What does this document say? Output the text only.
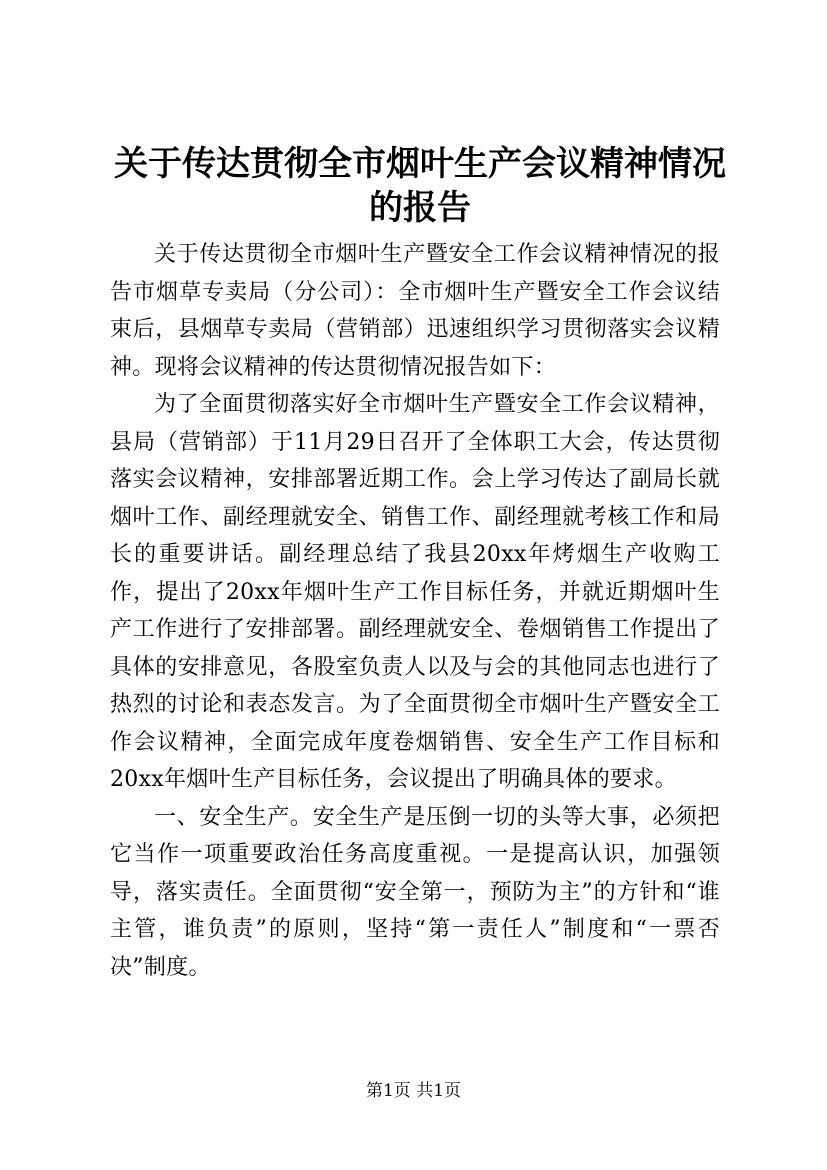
关于传达贯彻全市烟叶生产会议精神情况的报告

关于传达贯彻全市烟叶生产暨安全工作会议精神情况的报告市烟草专卖局（分公司）：全市烟叶生产暨安全工作会议结束后，县烟草专卖局（营销部）迅速组织学习贯彻落实会议精神。现将会议精神的传达贯彻情况报告如下：

为了全面贯彻落实好全市烟叶生产暨安全工作会议精神，县局（营销部）于11月29日召开了全体职工大会，传达贯彻落实会议精神，安排部署近期工作。会上学习传达了副局长就烟叶工作、副经理就安全、销售工作、副经理就考核工作和局长的重要讲话。副经理总结了我县20xx年烤烟生产收购工作，提出了20xx年烟叶生产工作目标任务，并就近期烟叶生产工作进行了安排部署。副经理就安全、卷烟销售工作提出了具体的安排意见，各股室负责人以及与会的其他同志也进行了热烈的讨论和表态发言。为了全面贯彻全市烟叶生产暨安全工作会议精神，全面完成年度卷烟销售、安全生产工作目标和20xx年烟叶生产目标任务，会议提出了明确具体的要求。

一、安全生产。安全生产是压倒一切的头等大事，必须把它当作一项重要政治任务高度重视。一是提高认识，加强领导，落实责任。全面贯彻“安全第一，预防为主”的方针和“谁主管，谁负责”的原则，坚持“第一责任人”制度和“一票否决”制度。

第1页 共1页
